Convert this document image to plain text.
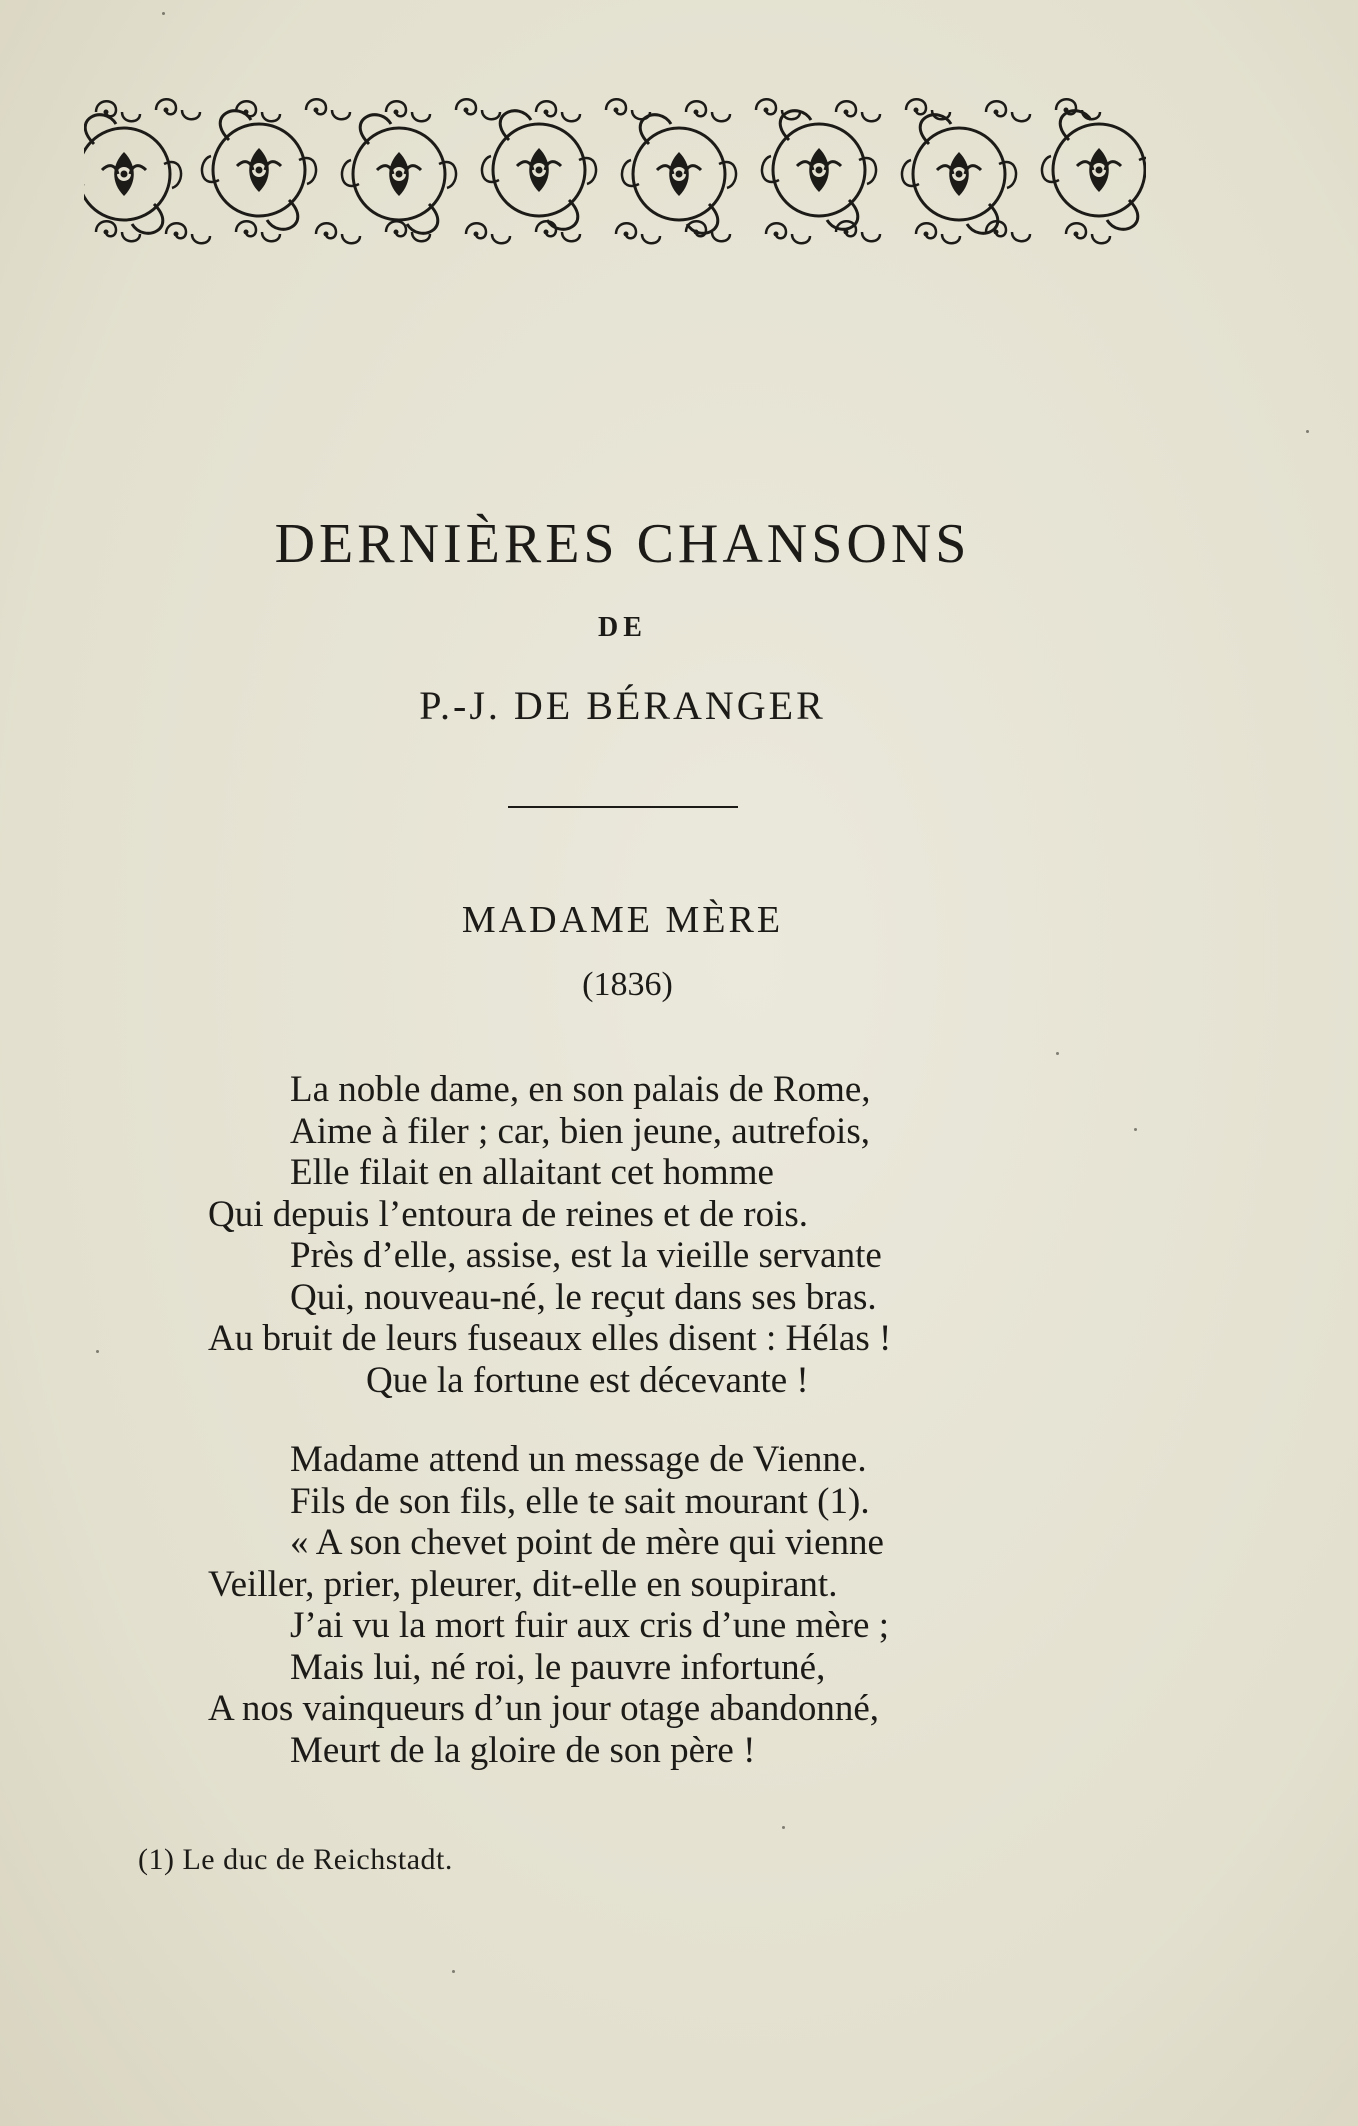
DERNIÈRES CHANSONS
DE
P.-J. DE BÉRANGER
MADAME MÈRE
(1836)
La noble dame, en son palais de Rome,
Aime à filer ; car, bien jeune, autrefois,
Elle filait en allaitant cet homme
Qui depuis l’entoura de reines et de rois.
Près d’elle, assise, est la vieille servante
Qui, nouveau-né, le reçut dans ses bras.
Au bruit de leurs fuseaux elles disent : Hélas !
Que la fortune est décevante !
Madame attend un message de Vienne.
Fils de son fils, elle te sait mourant (1).
« A son chevet point de mère qui vienne
Veiller, prier, pleurer, dit-elle en soupirant.
J’ai vu la mort fuir aux cris d’une mère ;
Mais lui, né roi, le pauvre infortuné,
A nos vainqueurs d’un jour otage abandonné,
Meurt de la gloire de son père !
(1) Le duc de Reichstadt.
